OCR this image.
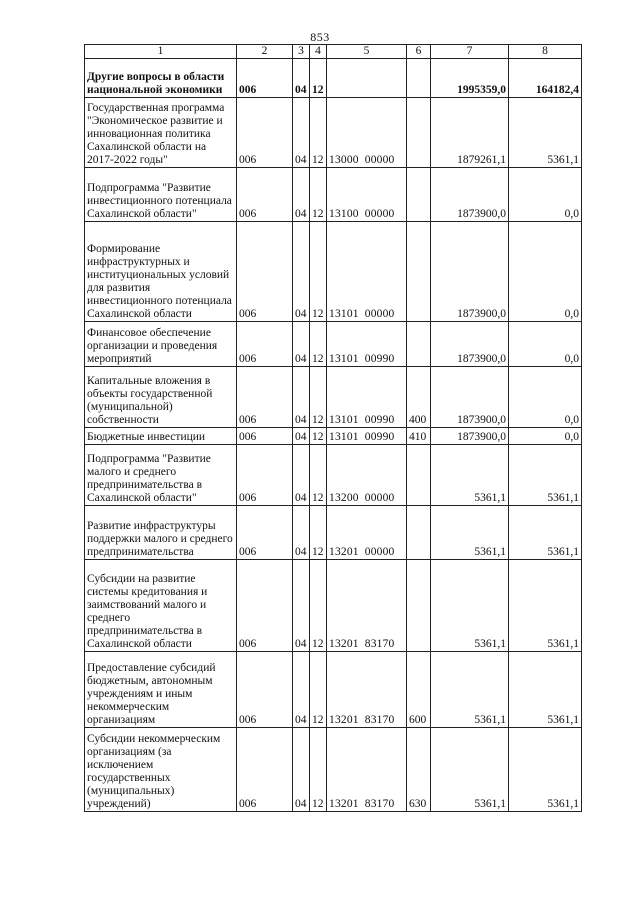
853
1	2	3	4	5	6	7	8
Другие вопросы в области национальной экономики	006	04	12			1995359,0	164182,4
Государственная программа "Экономическое развитие и инновационная политика Сахалинской области на 2017-2022 годы"	006	04	12	13000 00000		1879261,1	5361,1
Подпрограмма "Развитие инвестиционного потенциала Сахалинской области"	006	04	12	13100 00000		1873900,0	0,0
Формирование инфраструктурных и институциональных условий для развития инвестиционного потенциала Сахалинской области	006	04	12	13101 00000		1873900,0	0,0
Финансовое обеспечение организации и проведения мероприятий	006	04	12	13101 00990		1873900,0	0,0
Капитальные вложения в объекты государственной (муниципальной) собственности	006	04	12	13101 00990	400	1873900,0	0,0
Бюджетные инвестиции	006	04	12	13101 00990	410	1873900,0	0,0
Подпрограмма "Развитие малого и среднего предпринимательства в Сахалинской области"	006	04	12	13200 00000		5361,1	5361,1
Развитие инфраструктуры поддержки малого и среднего предпринимательства	006	04	12	13201 00000		5361,1	5361,1
Субсидии на развитие системы кредитования и заимствований малого и среднего предпринимательства в Сахалинской области	006	04	12	13201 83170		5361,1	5361,1
Предоставление субсидий бюджетным, автономным учреждениям и иным некоммерческим организациям	006	04	12	13201 83170	600	5361,1	5361,1
Субсидии некоммерческим организациям (за исключением государственных (муниципальных) учреждений)	006	04	12	13201 83170	630	5361,1	5361,1
